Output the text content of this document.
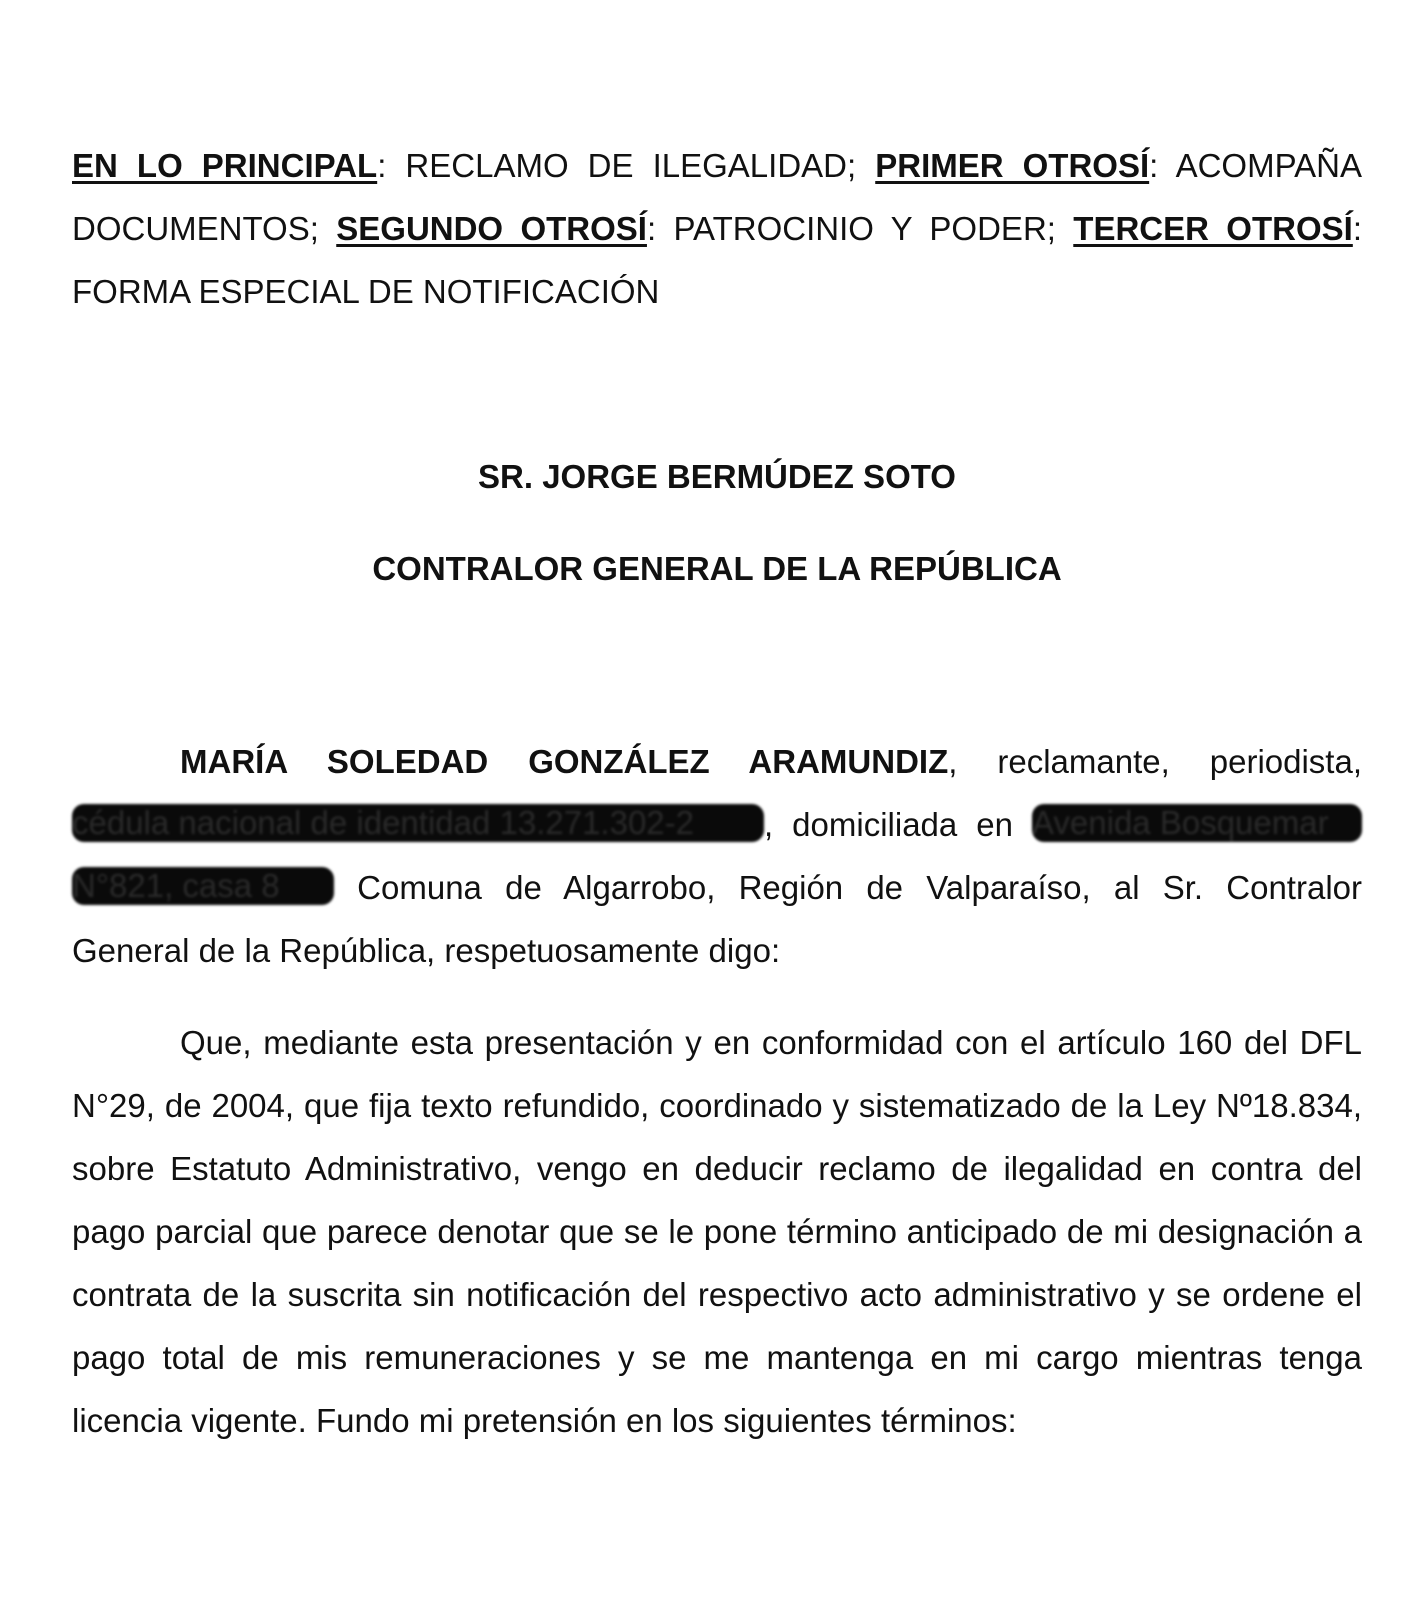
EN LO PRINCIPAL: RECLAMO DE ILEGALIDAD; PRIMER OTROSÍ: ACOMPAÑA DOCUMENTOS; SEGUNDO OTROSÍ: PATROCINIO Y PODER; TERCER OTROSÍ: FORMA ESPECIAL DE NOTIFICACIÓN

SR. JORGE BERMÚDEZ SOTO

CONTRALOR GENERAL DE LA REPÚBLICA

MARÍA SOLEDAD GONZÁLEZ ARAMUNDIZ, reclamante, periodista, cédula nacional de identidad 13.271.302-2 , domiciliada en Avenida Bosquemar N°821, casa 8 Comuna de Algarrobo, Región de Valparaíso, al Sr. Contralor General de la República, respetuosamente digo:

Que, mediante esta presentación y en conformidad con el artículo 160 del DFL N°29, de 2004, que fija texto refundido, coordinado y sistematizado de la Ley Nº18.834, sobre Estatuto Administrativo, vengo en deducir reclamo de ilegalidad en contra del pago parcial que parece denotar que se le pone término anticipado de mi designación a contrata de la suscrita sin notificación del respectivo acto administrativo y se ordene el pago total de mis remuneraciones y se me mantenga en mi cargo mientras tenga licencia vigente. Fundo mi pretensión en los siguientes términos:
